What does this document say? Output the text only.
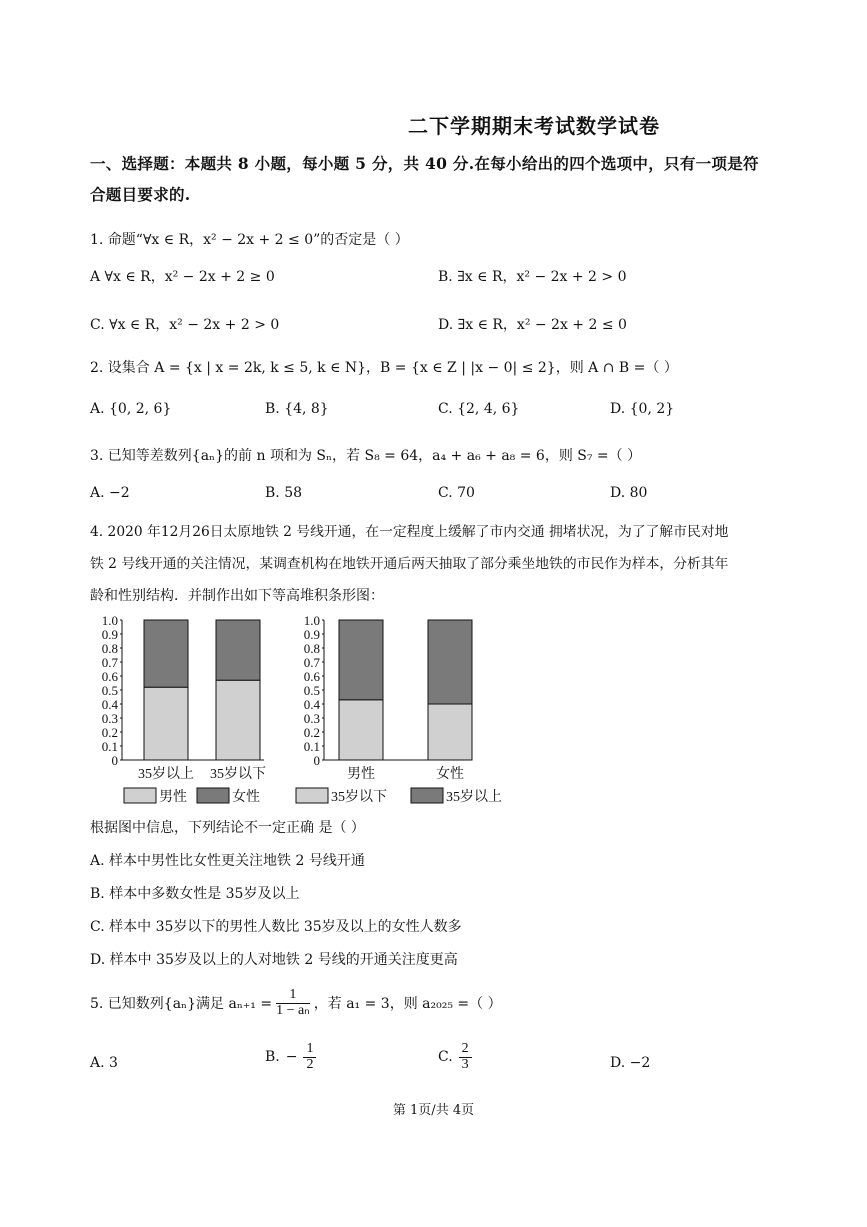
二下学期期末考试数学试卷
一、选择题：本题共 8 小题，每小题 5 分，共 40 分.在每小给出的四个选项中，只有一项是符
合题目要求的.
1. 命题“∀x ∈ R，x² − 2x + 2 ≤ 0”的否定是（ ）
A ∀x ∈ R，x² − 2x + 2 ≥ 0	B. ∃x ∈ R，x² − 2x + 2 > 0
C. ∀x ∈ R，x² − 2x + 2 > 0	D. ∃x ∈ R，x² − 2x + 2 ≤ 0
2. 设集合 A = {x | x = 2k, k ≤ 5, k ∈ N}，B = {x ∈ Z | |x − 0| ≤ 2}，则 A ∩ B =（ ）
A. {0, 2, 6}	B. {4, 8}	C. {2, 4, 6}	D. {0, 2}
3. 已知等差数列{aₙ}的前 n 项和为 Sₙ，若 S₈ = 64，a₄ + a₆ + a₈ = 6，则 S₇ =（ ）
A. −2	B. 58	C. 70	D. 80
4. 2020 年12月26日太原地铁 2 号线开通，在一定程度上缓解了市内交通 拥堵状况，为了了解市民对地
铁 2 号线开通的关注情况，某调查机构在地铁开通后两天抽取了部分乘坐地铁的市民作为样本，分析其年
龄和性别结构．并制作出如下等高堆积条形图：
0
0.1
0.2
0.3
0.4
0.5
0.6
0.7
0.8
0.9
1.0
35岁以上 35岁以下
0
0.1
0.2
0.3
0.4
0.5
0.6
0.7
0.8
0.9
1.0
男性	女性
男性	女性	35岁以下	35岁以上
根据图中信息，下列结论不一定正确 是（ ）
A. 样本中男性比女性更关注地铁 2 号线开通
B. 样本中多数女性是 35岁及以上
C. 样本中 35岁以下的男性人数比 35岁及以上的女性人数多
D. 样本中 35岁及以上的人对地铁 2 号线的开通关注度更高
5. 已知数列{aₙ}满足 $a_{n+1} = \frac{1}{\text{1 − aₙ}}$ ，若 a₁ = 3，则 a₂₀₂₅ =（ ）
A. 3	B. − $\frac{1}{2}$	C. $\frac{2}{3}$	D. −2
第 1页/共 4页
